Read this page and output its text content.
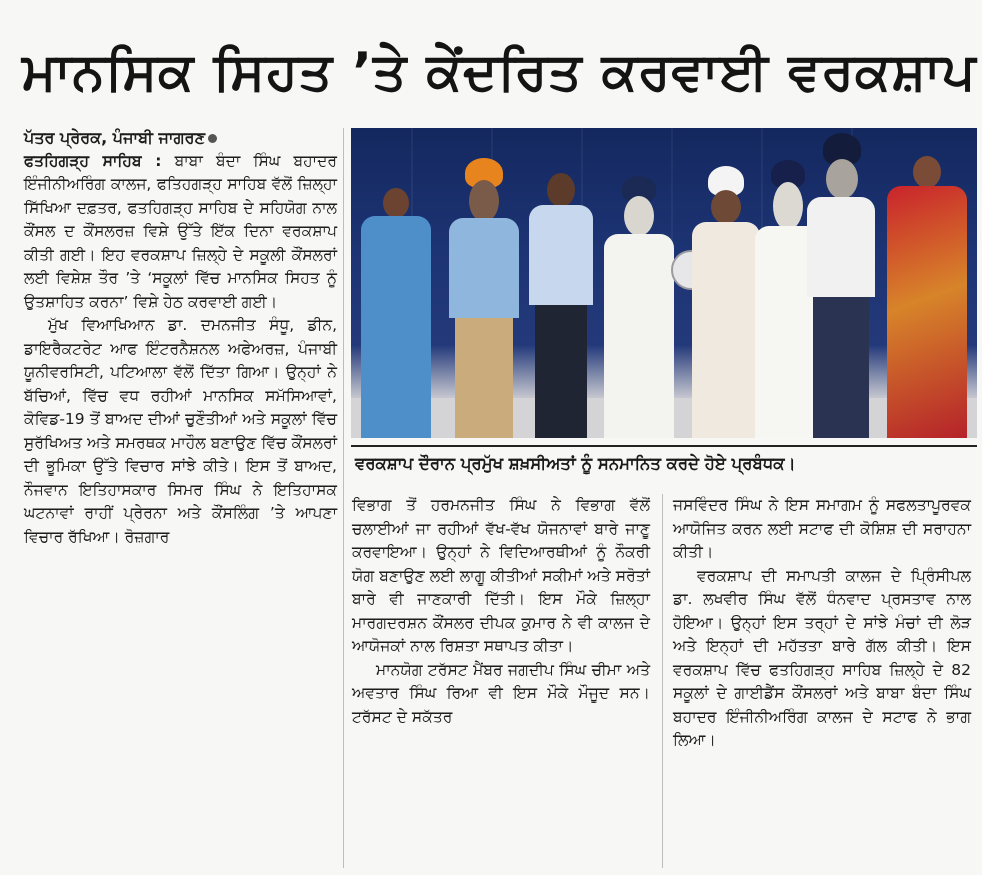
ਮਾਨਸਿਕ ਸਿਹਤ ’ਤੇ ਕੇਂਦਰਿਤ ਕਰਵਾਈ ਵਰਕਸ਼ਾਪ

ਪੱਤਰ ਪ੍ਰੇਰਕ, ਪੰਜਾਬੀ ਜਾਗਰਣ

ਫਤਹਿਗੜ੍ਹ ਸਾਹਿਬ : ਬਾਬਾ ਬੰਦਾ ਸਿੰਘ ਬਹਾਦਰ ਇੰਜੀਨੀਅਰਿੰਗ ਕਾਲਜ, ਫਤਿਹਗੜ੍ਹ ਸਾਹਿਬ ਵੱਲੋਂ ਜ਼ਿਲ੍ਹਾ ਸਿੱਖਿਆ ਦਫ਼ਤਰ, ਫਤਹਿਗੜ੍ਹ ਸਾਹਿਬ ਦੇ ਸਹਿਯੋਗ ਨਾਲ ਕੌਂਸਲ ਦ ਕੌਂਸਲਰਜ਼ ਵਿਸ਼ੇ ਉੱਤੇ ਇੱਕ ਦਿਨਾ ਵਰਕਸ਼ਾਪ ਕੀਤੀ ਗਈ। ਇਹ ਵਰਕਸ਼ਾਪ ਜ਼ਿਲ੍ਹੇ ਦੇ ਸਕੂਲੀ ਕੌਂਸਲਰਾਂ ਲਈ ਵਿਸ਼ੇਸ਼ ਤੌਰ ’ਤੇ ‘ਸਕੂਲਾਂ ਵਿੱਚ ਮਾਨਸਿਕ ਸਿਹਤ ਨੂੰ ਉਤਸ਼ਾਹਿਤ ਕਰਨਾ’ ਵਿਸ਼ੇ ਹੇਠ ਕਰਵਾਈ ਗਈ।

ਮੁੱਖ ਵਿਆਖਿਆਨ ਡਾ. ਦਮਨਜੀਤ ਸੰਧੂ, ਡੀਨ, ਡਾਇਰੈਕਟਰੇਟ ਆਫ ਇੰਟਰਨੈਸ਼ਨਲ ਅਫੇਅਰਜ਼, ਪੰਜਾਬੀ ਯੂਨੀਵਰਸਿਟੀ, ਪਟਿਆਲਾ ਵੱਲੋਂ ਦਿੱਤਾ ਗਿਆ। ਉਨ੍ਹਾਂ ਨੇ ਬੱਚਿਆਂ, ਵਿੱਚ ਵਧ ਰਹੀਆਂ ਮਾਨਸਿਕ ਸਮੱਸਿਆਵਾਂ, ਕੋਵਿਡ-19 ਤੋਂ ਬਾਅਦ ਦੀਆਂ ਚੁਣੌਤੀਆਂ ਅਤੇ ਸਕੂਲਾਂ ਵਿੱਚ ਸੁਰੱਖਿਅਤ ਅਤੇ ਸਮਰਥਕ ਮਾਹੌਲ ਬਣਾਉਣ ਵਿੱਚ ਕੌਂਸਲਰਾਂ ਦੀ ਭੂਮਿਕਾ ਉੱਤੇ ਵਿਚਾਰ ਸਾਂਝੇ ਕੀਤੇ। ਇਸ ਤੋਂ ਬਾਅਦ, ਨੌਜਵਾਨ ਇਤਿਹਾਸਕਾਰ ਸਿਮਰ ਸਿੰਘ ਨੇ ਇਤਿਹਾਸਕ ਘਟਨਾਵਾਂ ਰਾਹੀਂ ਪ੍ਰੇਰਨਾ ਅਤੇ ਕੌਂਸਲਿੰਗ ’ਤੇ ਆਪਣਾ ਵਿਚਾਰ ਰੱਖਿਆ। ਰੋਜ਼ਗਾਰ

ਵਰਕਸ਼ਾਪ ਦੌਰਾਨ ਪ੍ਰਮੁੱਖ ਸ਼ਖ਼ਸੀਅਤਾਂ ਨੂੰ ਸਨਮਾਨਿਤ ਕਰਦੇ ਹੋਏ ਪ੍ਰਬੰਧਕ।

ਵਿਭਾਗ ਤੋਂ ਹਰਮਨਜੀਤ ਸਿੰਘ ਨੇ ਵਿਭਾਗ ਵੱਲੋਂ ਚਲਾਈਆਂ ਜਾ ਰਹੀਆਂ ਵੱਖ-ਵੱਖ ਯੋਜਨਾਵਾਂ ਬਾਰੇ ਜਾਣੂ ਕਰਵਾਇਆ। ਉਨ੍ਹਾਂ ਨੇ ਵਿਦਿਆਰਥੀਆਂ ਨੂੰ ਨੌਕਰੀ ਯੋਗ ਬਣਾਉਣ ਲਈ ਲਾਗੂ ਕੀਤੀਆਂ ਸਕੀਮਾਂ ਅਤੇ ਸਰੋਤਾਂ ਬਾਰੇ ਵੀ ਜਾਣਕਾਰੀ ਦਿੱਤੀ। ਇਸ ਮੌਕੇ ਜ਼ਿਲ੍ਹਾ ਮਾਰਗਦਰਸ਼ਨ ਕੌਂਸਲਰ ਦੀਪਕ ਕੁਮਾਰ ਨੇ ਵੀ ਕਾਲਜ ਦੇ ਆਯੋਜਕਾਂ ਨਾਲ ਰਿਸ਼ਤਾ ਸਥਾਪਤ ਕੀਤਾ।

ਮਾਨਯੋਗ ਟਰੱਸਟ ਮੈਂਬਰ ਜਗਦੀਪ ਸਿੰਘ ਚੀਮਾ ਅਤੇ ਅਵਤਾਰ ਸਿੰਘ ਰਿਆ ਵੀ ਇਸ ਮੌਕੇ ਮੌਜੂਦ ਸਨ। ਟਰੱਸਟ ਦੇ ਸਕੱਤਰ

ਜਸਵਿੰਦਰ ਸਿੰਘ ਨੇ ਇਸ ਸਮਾਗਮ ਨੂੰ ਸਫਲਤਾਪੂਰਵਕ ਆਯੋਜਿਤ ਕਰਨ ਲਈ ਸਟਾਫ ਦੀ ਕੋਸ਼ਿਸ਼ ਦੀ ਸਰਾਹਨਾ ਕੀਤੀ।

ਵਰਕਸ਼ਾਪ ਦੀ ਸਮਾਪਤੀ ਕਾਲਜ ਦੇ ਪ੍ਰਿੰਸੀਪਲ ਡਾ. ਲਖਵੀਰ ਸਿੰਘ ਵੱਲੋਂ ਧੰਨਵਾਦ ਪ੍ਰਸਤਾਵ ਨਾਲ ਹੋਇਆ। ਉਨ੍ਹਾਂ ਇਸ ਤਰ੍ਹਾਂ ਦੇ ਸਾਂਝੇ ਮੰਚਾਂ ਦੀ ਲੋੜ ਅਤੇ ਇਨ੍ਹਾਂ ਦੀ ਮਹੱਤਤਾ ਬਾਰੇ ਗੱਲ ਕੀਤੀ। ਇਸ ਵਰਕਸ਼ਾਪ ਵਿੱਚ ਫਤਹਿਗੜ੍ਹ ਸਾਹਿਬ ਜ਼ਿਲ੍ਹੇ ਦੇ 82 ਸਕੂਲਾਂ ਦੇ ਗਾਈਡੈਂਸ ਕੌਂਸਲਰਾਂ ਅਤੇ ਬਾਬਾ ਬੰਦਾ ਸਿੰਘ ਬਹਾਦਰ ਇੰਜੀਨੀਅਰਿੰਗ ਕਾਲਜ ਦੇ ਸਟਾਫ ਨੇ ਭਾਗ ਲਿਆ।
